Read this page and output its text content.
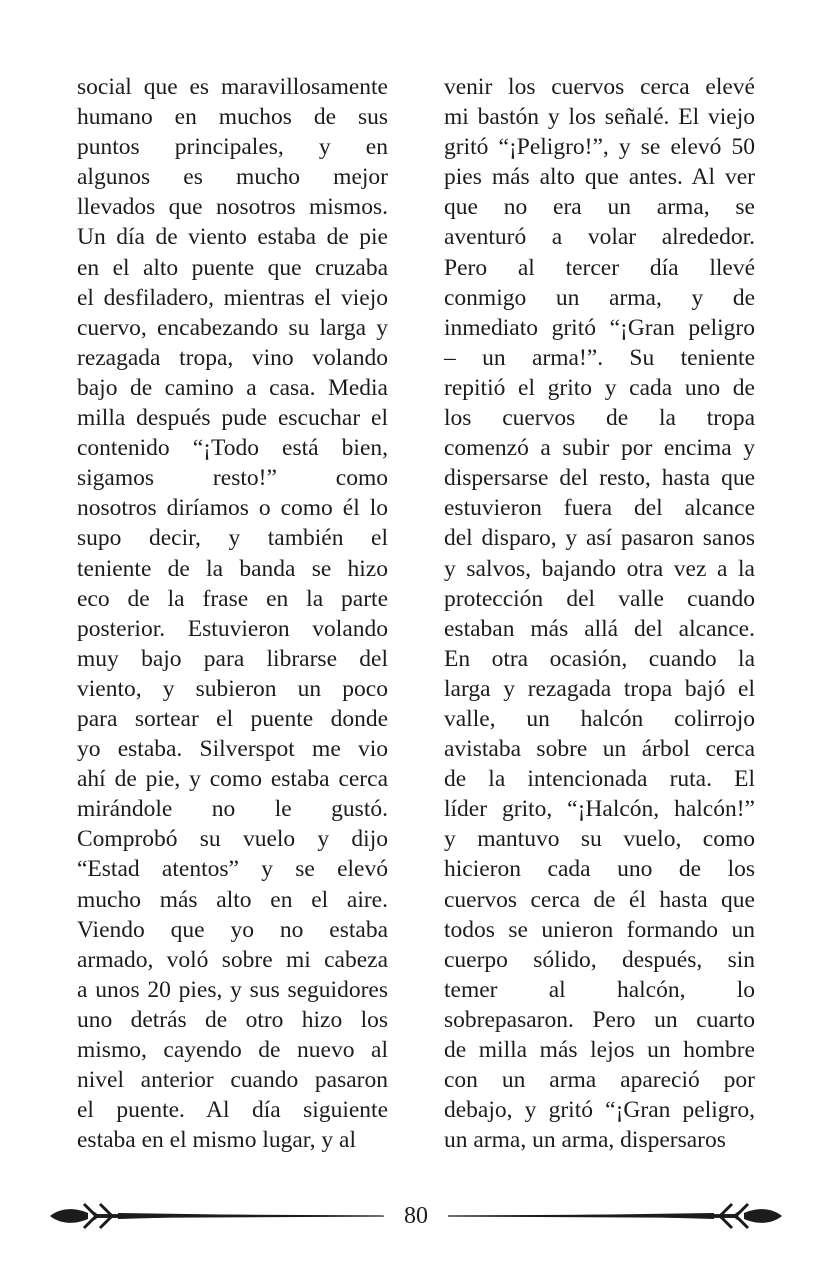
social que es maravillosamente
humano en muchos de sus
puntos principales, y en
algunos es mucho mejor
llevados que nosotros mismos.
Un día de viento estaba de pie
en el alto puente que cruzaba
el desfiladero, mientras el viejo
cuervo, encabezando su larga y
rezagada tropa, vino volando
bajo de camino a casa. Media
milla después pude escuchar el
contenido “¡Todo está bien,
sigamos resto!” como
nosotros diríamos o como él lo
supo decir, y también el
teniente de la banda se hizo
eco de la frase en la parte
posterior. Estuvieron volando
muy bajo para librarse del
viento, y subieron un poco
para sortear el puente donde
yo estaba. Silverspot me vio
ahí de pie, y como estaba cerca
mirándole no le gustó.
Comprobó su vuelo y dijo
“Estad atentos” y se elevó
mucho más alto en el aire.
Viendo que yo no estaba
armado, voló sobre mi cabeza
a unos 20 pies, y sus seguidores
uno detrás de otro hizo los
mismo, cayendo de nuevo al
nivel anterior cuando pasaron
el puente. Al día siguiente
estaba en el mismo lugar, y al
venir los cuervos cerca elevé
mi bastón y los señalé. El viejo
gritó “¡Peligro!”, y se elevó 50
pies más alto que antes. Al ver
que no era un arma, se
aventuró a volar alrededor.
Pero al tercer día llevé
conmigo un arma, y de
inmediato gritó “¡Gran peligro
– un arma!”. Su teniente
repitió el grito y cada uno de
los cuervos de la tropa
comenzó a subir por encima y
dispersarse del resto, hasta que
estuvieron fuera del alcance
del disparo, y así pasaron sanos
y salvos, bajando otra vez a la
protección del valle cuando
estaban más allá del alcance.
En otra ocasión, cuando la
larga y rezagada tropa bajó el
valle, un halcón colirrojo
avistaba sobre un árbol cerca
de la intencionada ruta. El
líder grito, “¡Halcón, halcón!”
y mantuvo su vuelo, como
hicieron cada uno de los
cuervos cerca de él hasta que
todos se unieron formando un
cuerpo sólido, después, sin
temer al halcón, lo
sobrepasaron. Pero un cuarto
de milla más lejos un hombre
con un arma apareció por
debajo, y gritó “¡Gran peligro,
un arma, un arma, dispersaros
80
